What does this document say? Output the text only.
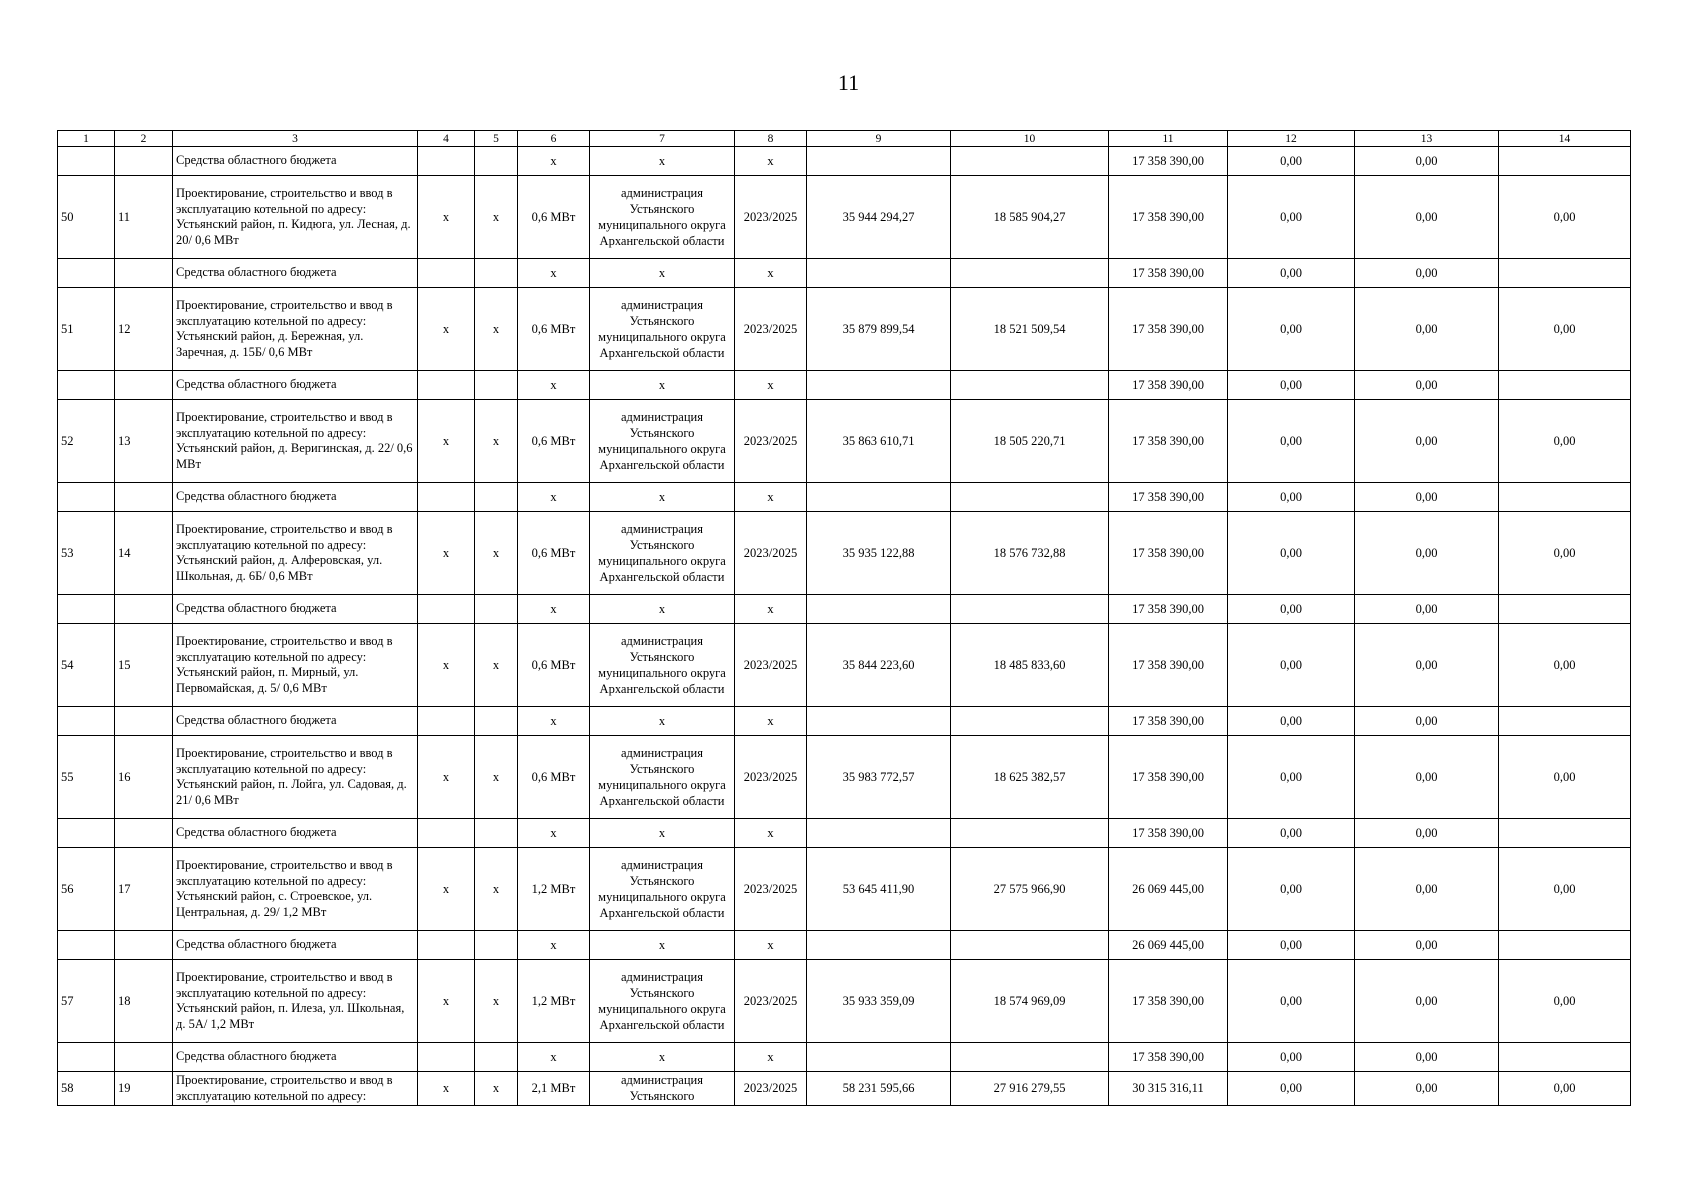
11
1	2	3	4	5	6	7	8	9	10	11	12	13	14
		Средства областного бюджета			х	х	х			17 358 390,00	0,00	0,00	
50	11	Проектирование, строительство и ввод в эксплуатацию котельной по адресу: Устьянский район, п. Кидюга, ул. Лесная, д. 20/ 0,6 МВт	х	х	0,6 МВт	администрация Устьянского муниципального округа Архангельской области	2023/2025	35 944 294,27	18 585 904,27	17 358 390,00	0,00	0,00	0,00
		Средства областного бюджета			х	х	х			17 358 390,00	0,00	0,00	
51	12	Проектирование, строительство и ввод в эксплуатацию котельной по адресу: Устьянский район, д. Бережная, ул. Заречная, д. 15Б/ 0,6 МВт	х	х	0,6 МВт	администрация Устьянского муниципального округа Архангельской области	2023/2025	35 879 899,54	18 521 509,54	17 358 390,00	0,00	0,00	0,00
		Средства областного бюджета			х	х	х			17 358 390,00	0,00	0,00	
52	13	Проектирование, строительство и ввод в эксплуатацию котельной по адресу: Устьянский район, д. Веригинская, д. 22/ 0,6 МВт	х	х	0,6 МВт	администрация Устьянского муниципального округа Архангельской области	2023/2025	35 863 610,71	18 505 220,71	17 358 390,00	0,00	0,00	0,00
		Средства областного бюджета			х	х	х			17 358 390,00	0,00	0,00	
53	14	Проектирование, строительство и ввод в эксплуатацию котельной по адресу: Устьянский район, д. Алферовская, ул. Школьная, д. 6Б/ 0,6 МВт	х	х	0,6 МВт	администрация Устьянского муниципального округа Архангельской области	2023/2025	35 935 122,88	18 576 732,88	17 358 390,00	0,00	0,00	0,00
		Средства областного бюджета			х	х	х			17 358 390,00	0,00	0,00	
54	15	Проектирование, строительство и ввод в эксплуатацию котельной по адресу: Устьянский район, п. Мирный, ул. Первомайская, д. 5/ 0,6 МВт	х	х	0,6 МВт	администрация Устьянского муниципального округа Архангельской области	2023/2025	35 844 223,60	18 485 833,60	17 358 390,00	0,00	0,00	0,00
		Средства областного бюджета			х	х	х			17 358 390,00	0,00	0,00	
55	16	Проектирование, строительство и ввод в эксплуатацию котельной по адресу: Устьянский район, п. Лойга, ул. Садовая, д. 21/ 0,6 МВт	х	х	0,6 МВт	администрация Устьянского муниципального округа Архангельской области	2023/2025	35 983 772,57	18 625 382,57	17 358 390,00	0,00	0,00	0,00
		Средства областного бюджета			х	х	х			17 358 390,00	0,00	0,00	
56	17	Проектирование, строительство и ввод в эксплуатацию котельной по адресу: Устьянский район, с. Строевское, ул. Центральная, д. 29/ 1,2 МВт	х	х	1,2 МВт	администрация Устьянского муниципального округа Архангельской области	2023/2025	53 645 411,90	27 575 966,90	26 069 445,00	0,00	0,00	0,00
		Средства областного бюджета			х	х	х			26 069 445,00	0,00	0,00	
57	18	Проектирование, строительство и ввод в эксплуатацию котельной по адресу: Устьянский район, п. Илеза, ул. Школьная, д. 5А/ 1,2 МВт	х	х	1,2 МВт	администрация Устьянского муниципального округа Архангельской области	2023/2025	35 933 359,09	18 574 969,09	17 358 390,00	0,00	0,00	0,00
		Средства областного бюджета			х	х	х			17 358 390,00	0,00	0,00	
58	19	Проектирование, строительство и ввод в эксплуатацию котельной по адресу:	х	х	2,1 МВт	администрация Устьянского	2023/2025	58 231 595,66	27 916 279,55	30 315 316,11	0,00	0,00	0,00
